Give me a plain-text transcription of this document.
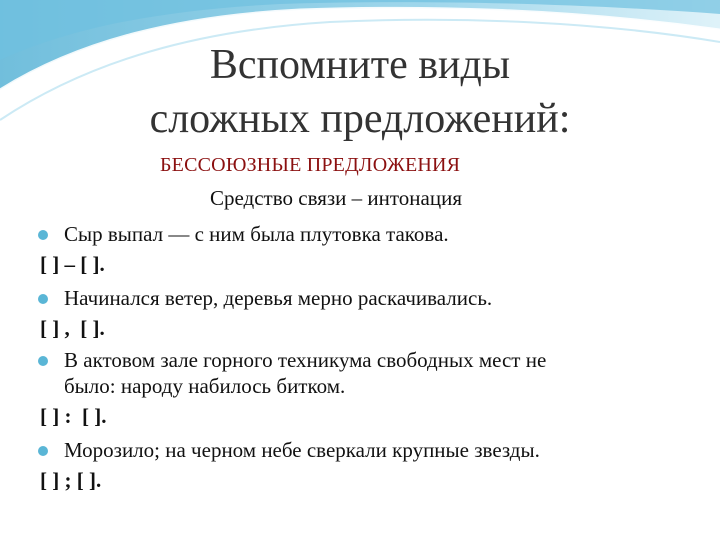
Вспомните виды
сложных предложений:
БЕССОЮЗНЫЕ ПРЕДЛОЖЕНИЯ
Средство связи – интонация
Сыр выпал — с ним была плутовка такова.
[ ] – [ ].
Начинался ветер, деревья мерно раскачивались.
[ ] ,  [ ].
В актовом зале горного техникума свободных мест не
было: народу набилось битком.
[ ] :  [ ].
Морозило; на черном небе сверкали крупные звезды.
[ ] ; [ ].
